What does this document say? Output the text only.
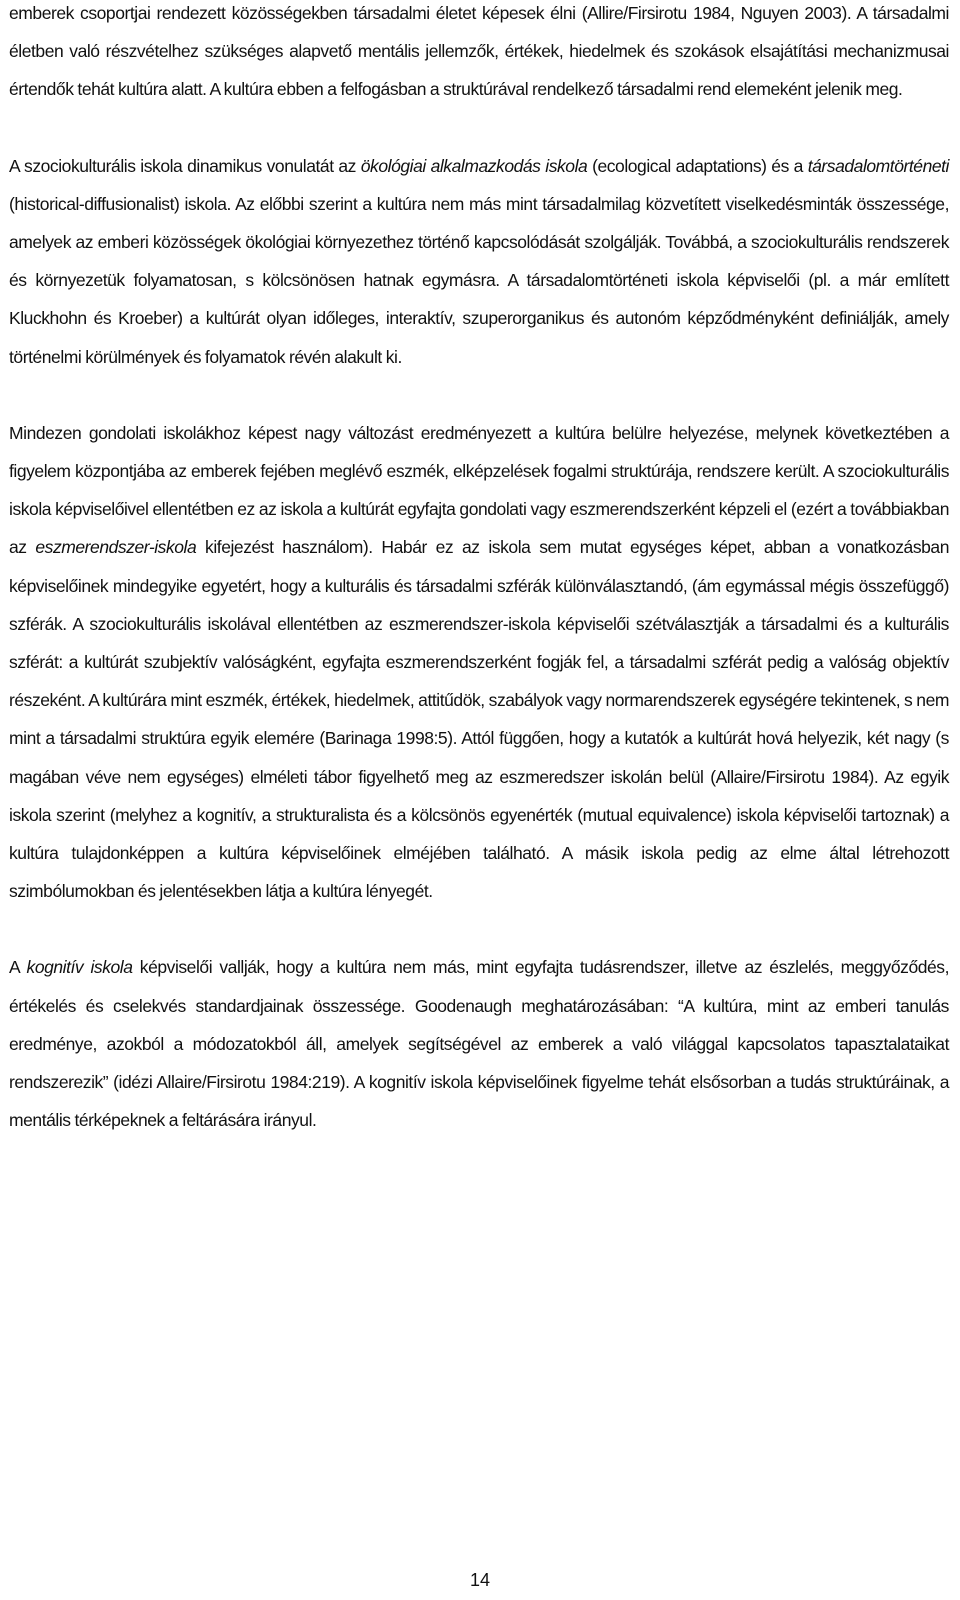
emberek csoportjai rendezett közösségekben társadalmi életet képesek élni (Allire/Firsirotu 1984, Nguyen 2003). A társadalmi életben való részvételhez szükséges alapvető mentális jellemzők, értékek, hiedelmek és szokások elsajátítási mechanizmusai értendők tehát kultúra alatt. A kultúra ebben a felfogásban a struktúrával rendelkező társadalmi rend elemeként jelenik meg.

A szociokulturális iskola dinamikus vonulatát az ökológiai alkalmazkodás iskola (ecological adaptations) és a társadalomtörténeti (historical-diffusionalist) iskola. Az előbbi szerint a kultúra nem más mint társadalmilag közvetített viselkedésminták összessége, amelyek az emberi közösségek ökológiai környezethez történő kapcsolódását szolgálják. Továbbá, a szociokulturális rendszerek és környezetük folyamatosan, s kölcsönösen hatnak egymásra. A társadalomtörténeti iskola képviselői (pl. a már említett Kluckhohn és Kroeber) a kultúrát olyan időleges, interaktív, szuperorganikus és autonóm képződményként definiálják, amely történelmi körülmények és folyamatok révén alakult ki.

Mindezen gondolati iskolákhoz képest nagy változást eredményezett a kultúra belülre helyezése, melynek következtében a figyelem központjába az emberek fejében meglévő eszmék, elképzelések fogalmi struktúrája, rendszere került. A szociokulturális iskola képviselőivel ellentétben ez az iskola a kultúrát egyfajta gondolati vagy eszmerendszerként képzeli el (ezért a továbbiakban az eszmerendszer-iskola kifejezést használom). Habár ez az iskola sem mutat egységes képet, abban a vonatkozásban képviselőinek mindegyike egyetért, hogy a kulturális és társadalmi szférák különválasztandó, (ám egymással mégis összefüggő) szférák. A szociokulturális iskolával ellentétben az eszmerendszer-iskola képviselői szétválasztják a társadalmi és a kulturális szférát: a kultúrát szubjektív valóságként, egyfajta eszmerendszerként fogják fel, a társadalmi szférát pedig a valóság objektív részeként. A kultúrára mint eszmék, értékek, hiedelmek, attitűdök, szabályok vagy normarendszerek egységére tekintenek, s nem mint a társadalmi struktúra egyik elemére (Barinaga 1998:5). Attól függően, hogy a kutatók a kultúrát hová helyezik, két nagy (s magában véve nem egységes) elméleti tábor figyelhető meg az eszmeredszer iskolán belül (Allaire/Firsirotu 1984). Az egyik iskola szerint (melyhez a kognitív, a strukturalista és a kölcsönös egyenérték (mutual equivalence) iskola képviselői tartoznak) a kultúra tulajdonképpen a kultúra képviselőinek elméjében található. A másik iskola pedig az elme által létrehozott szimbólumokban és jelentésekben látja a kultúra lényegét.

A kognitív iskola képviselői vallják, hogy a kultúra nem más, mint egyfajta tudásrendszer, illetve az észlelés, meggyőződés, értékelés és cselekvés standardjainak összessége. Goodenaugh meghatározásában: “A kultúra, mint az emberi tanulás eredménye, azokból a módozatokból áll, amelyek segítségével az emberek a való világgal kapcsolatos tapasztalataikat rendszerezik” (idézi Allaire/Firsirotu 1984:219). A kognitív iskola képviselőinek figyelme tehát elsősorban a tudás struktúráinak, a mentális térképeknek a feltárására irányul.

14
